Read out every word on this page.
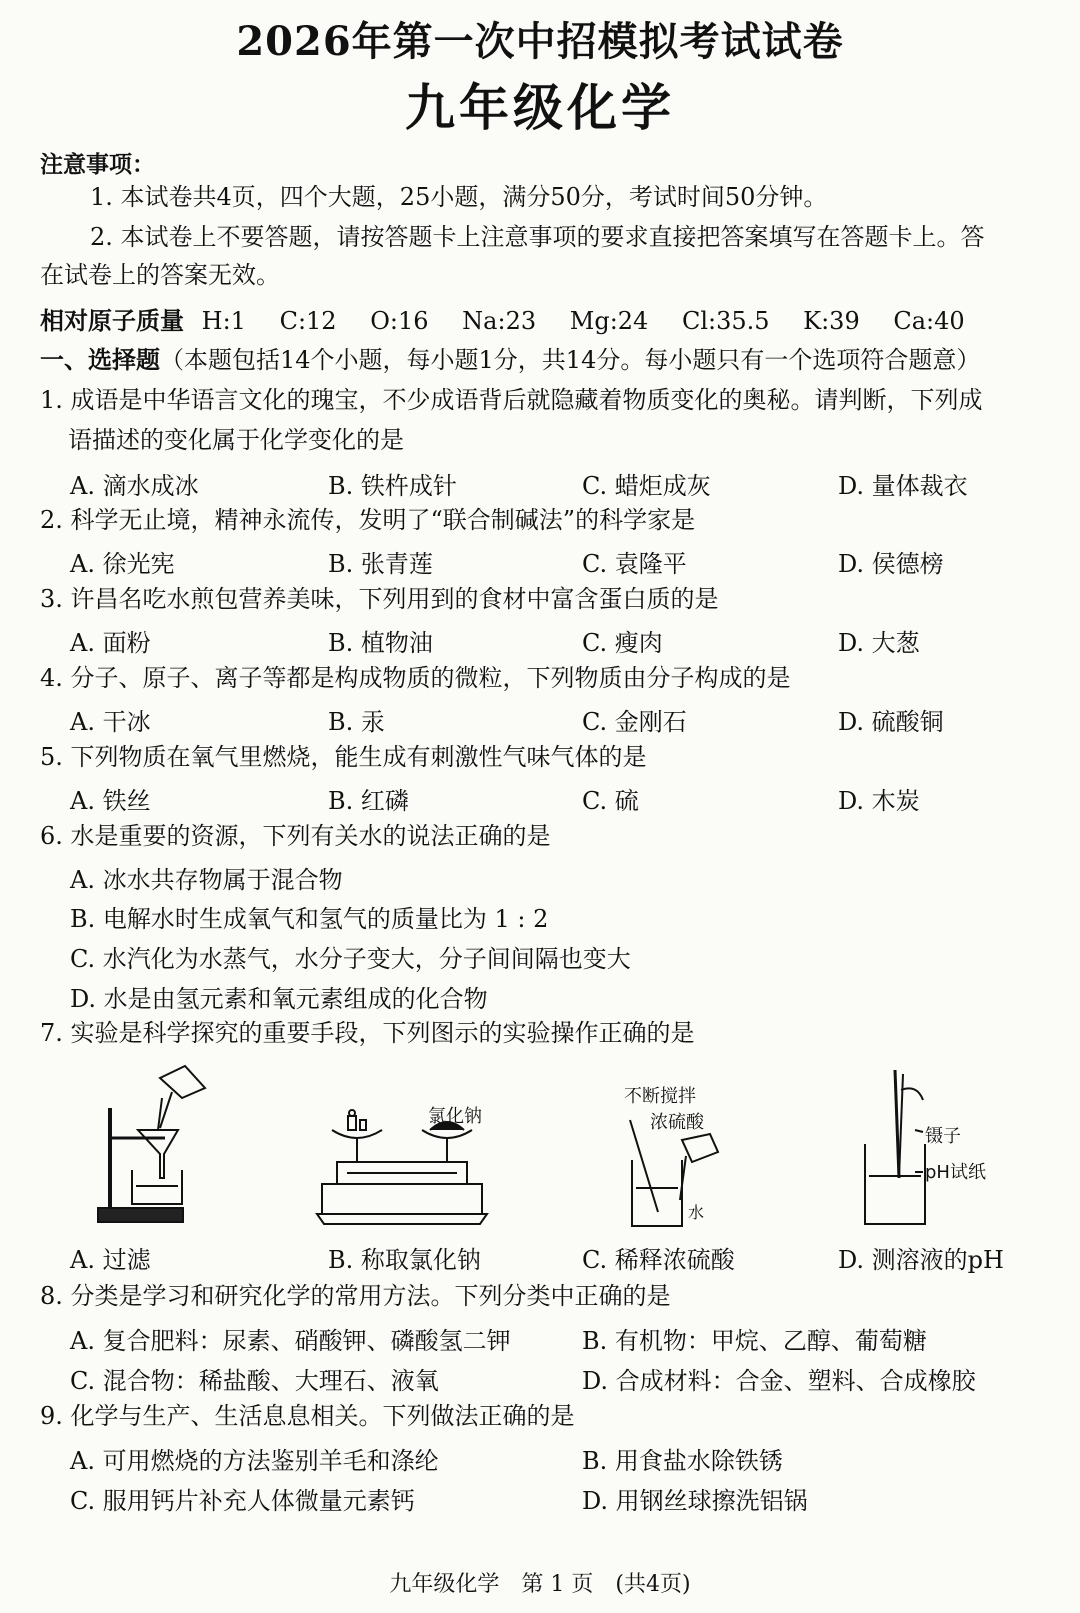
2026年第一次中招模拟考试试卷
九年级化学
注意事项：
1. 本试卷共4页，四个大题，25小题，满分50分，考试时间50分钟。
2. 本试卷上不要答题，请按答题卡上注意事项的要求直接把答案填写在答题卡上。答
在试卷上的答案无效。
相对原子质量 H:1 C:12 O:16 Na:23 Mg:24 Cl:35.5 K:39 Ca:40
一、选择题（本题包括14个小题，每小题1分，共14分。每小题只有一个选项符合题意）
1. 成语是中华语言文化的瑰宝，不少成语背后就隐藏着物质变化的奥秘。请判断，下列成
语描述的变化属于化学变化的是
A. 滴水成冰	B. 铁杵成针	C. 蜡炬成灰	D. 量体裁衣
2. 科学无止境，精神永流传，发明了“联合制碱法”的科学家是
A. 徐光宪	B. 张青莲	C. 袁隆平	D. 侯德榜
3. 许昌名吃水煎包营养美味，下列用到的食材中富含蛋白质的是
A. 面粉	B. 植物油	C. 瘦肉	D. 大葱
4. 分子、原子、离子等都是构成物质的微粒，下列物质由分子构成的是
A. 干冰	B. 汞	C. 金刚石	D. 硫酸铜
5. 下列物质在氧气里燃烧，能生成有刺激性气味气体的是
A. 铁丝	B. 红磷	C. 硫	D. 木炭
6. 水是重要的资源，下列有关水的说法正确的是
A. 冰水共存物属于混合物
B. 电解水时生成氧气和氢气的质量比为 1 : 2
C. 水汽化为水蒸气，水分子变大，分子间间隔也变大
D. 水是由氢元素和氧元素组成的化合物
7. 实验是科学探究的重要手段，下列图示的实验操作正确的是
氯化钠
不断搅拌
浓硫酸
水
镊子
pH试纸
A. 过滤	B. 称取氯化钠	C. 稀释浓硫酸	D. 测溶液的pH
8. 分类是学习和研究化学的常用方法。下列分类中正确的是
A. 复合肥料：尿素、硝酸钾、磷酸氢二钾	B. 有机物：甲烷、乙醇、葡萄糖
C. 混合物：稀盐酸、大理石、液氧	D. 合成材料：合金、塑料、合成橡胶
9. 化学与生产、生活息息相关。下列做法正确的是
A. 可用燃烧的方法鉴别羊毛和涤纶	B. 用食盐水除铁锈
C. 服用钙片补充人体微量元素钙	D. 用钢丝球擦洗铝锅
九年级化学　第 1 页　(共4页)
